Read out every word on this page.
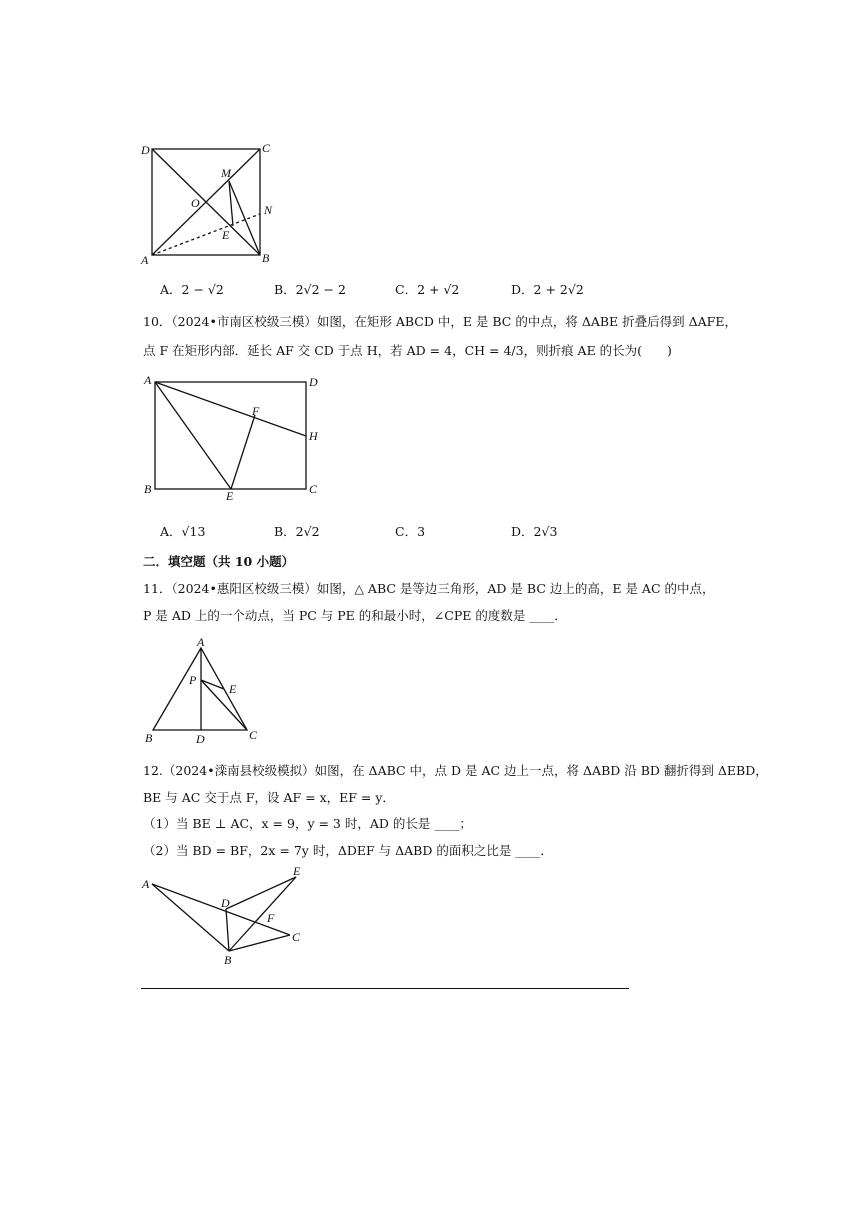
D	C
M
O	N
E
A	B
A．2 − √2	B．2√2 − 2	C．2 + √2	D．2 + 2√2
10．（2024•市南区校级三模）如图，在矩形 ABCD 中，E 是 BC 的中点，将 ΔABE 折叠后得到 ΔAFE，
点 F 在矩形内部．延长 AF 交 CD 于点 H，若 AD = 4，CH = 4/3，则折痕 AE 的长为(　　)
A	D
F
H
B	E	C
A．√13	B．2√2	C．3	D．2√3
二．填空题（共 10 小题）
11．（2024•惠阳区校级三模）如图，△ ABC 是等边三角形，AD 是 BC 边上的高，E 是 AC 的中点，
P 是 AD 上的一个动点，当 PC 与 PE 的和最小时，∠CPE 的度数是 ____．
A
P
E
B	D	C
12.（2024•滦南县校级模拟）如图，在 ΔABC 中，点 D 是 AC 边上一点，将 ΔABD 沿 BD 翻折得到 ΔEBD，
BE 与 AC 交于点 F，设 AF = x，EF = y．
（1）当 BE ⊥ AC，x = 9，y = 3 时，AD 的长是 ____；
（2）当 BD = BF，2x = 7y 时，ΔDEF 与 ΔABD 的面积之比是 ____．
A
D
E
F
C
B
